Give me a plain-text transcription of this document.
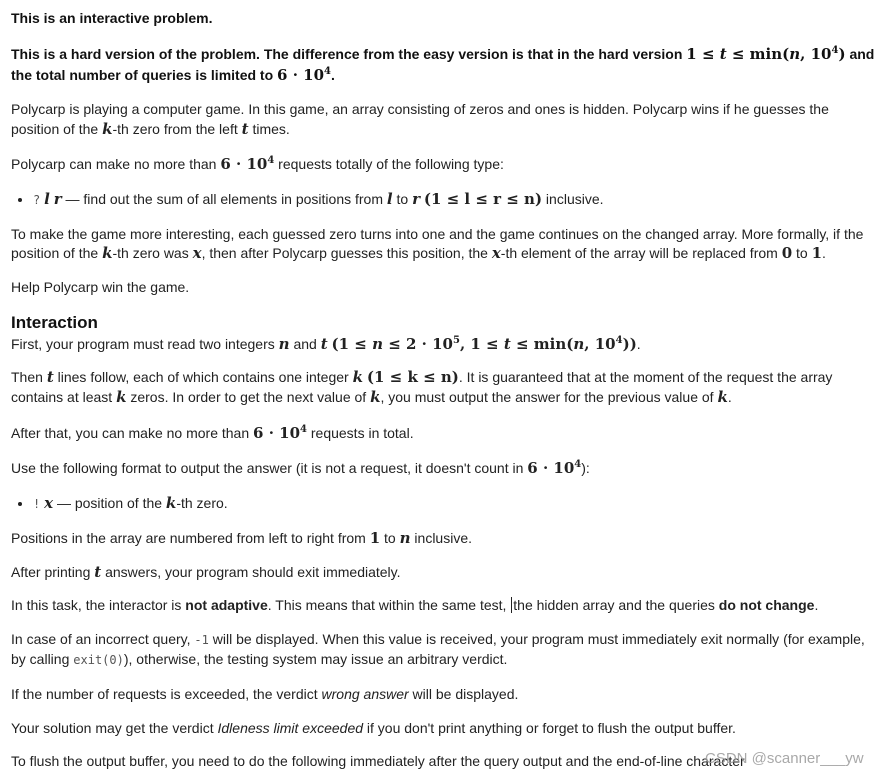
This is an interactive problem.
This is a hard version of the problem. The difference from the easy version is that in the hard version 1 ≤ t ≤ min(n, $10^4$) and
the total number of queries is limited to $6 \cdot 10^4$.
Polycarp is playing a computer game. In this game, an array consisting of zeros and ones is hidden. Polycarp wins if he guesses the
position of the k-th zero from the left t times.
Polycarp can make no more than $6 \cdot 10^4$ requests totally of the following type:
• ? l r — find out the sum of all elements in positions from l to r (1 ≤ l ≤ r ≤ n) inclusive.
To make the game more interesting, each guessed zero turns into one and the game continues on the changed array. More formally, if the
position of the k-th zero was x, then after Polycarp guesses this position, the x-th element of the array will be replaced from 0 to 1.
Help Polycarp win the game.
Interaction
First, your program must read two integers n and t ($1 \le n \le 2 \cdot 10^5$, 1 ≤ t ≤ min(n, $10^4$)).
Then t lines follow, each of which contains one integer k (1 ≤ k ≤ n). It is guaranteed that at the moment of the request the array
contains at least k zeros. In order to get the next value of k, you must output the answer for the previous value of k.
After that, you can make no more than $6 \cdot 10^4$ requests in total.
Use the following format to output the answer (it is not a request, it doesn't count in $6 \cdot 10^4$):
• ! x — position of the k-th zero.
Positions in the array are numbered from left to right from 1 to n inclusive.
After printing t answers, your program should exit immediately.
In this task, the interactor is not adaptive. This means that within the same test, the hidden array and the queries do not change.
In case of an incorrect query, -1 will be displayed. When this value is received, your program must immediately exit normally (for example,
by calling exit(0)), otherwise, the testing system may issue an arbitrary verdict.
If the number of requests is exceeded, the verdict wrong answer will be displayed.
Your solution may get the verdict Idleness limit exceeded if you don't print anything or forget to flush the output buffer.
To flush the output buffer, you need to do the following immediately after the query output and the end-of-line character
CSDN @scanner___yw
